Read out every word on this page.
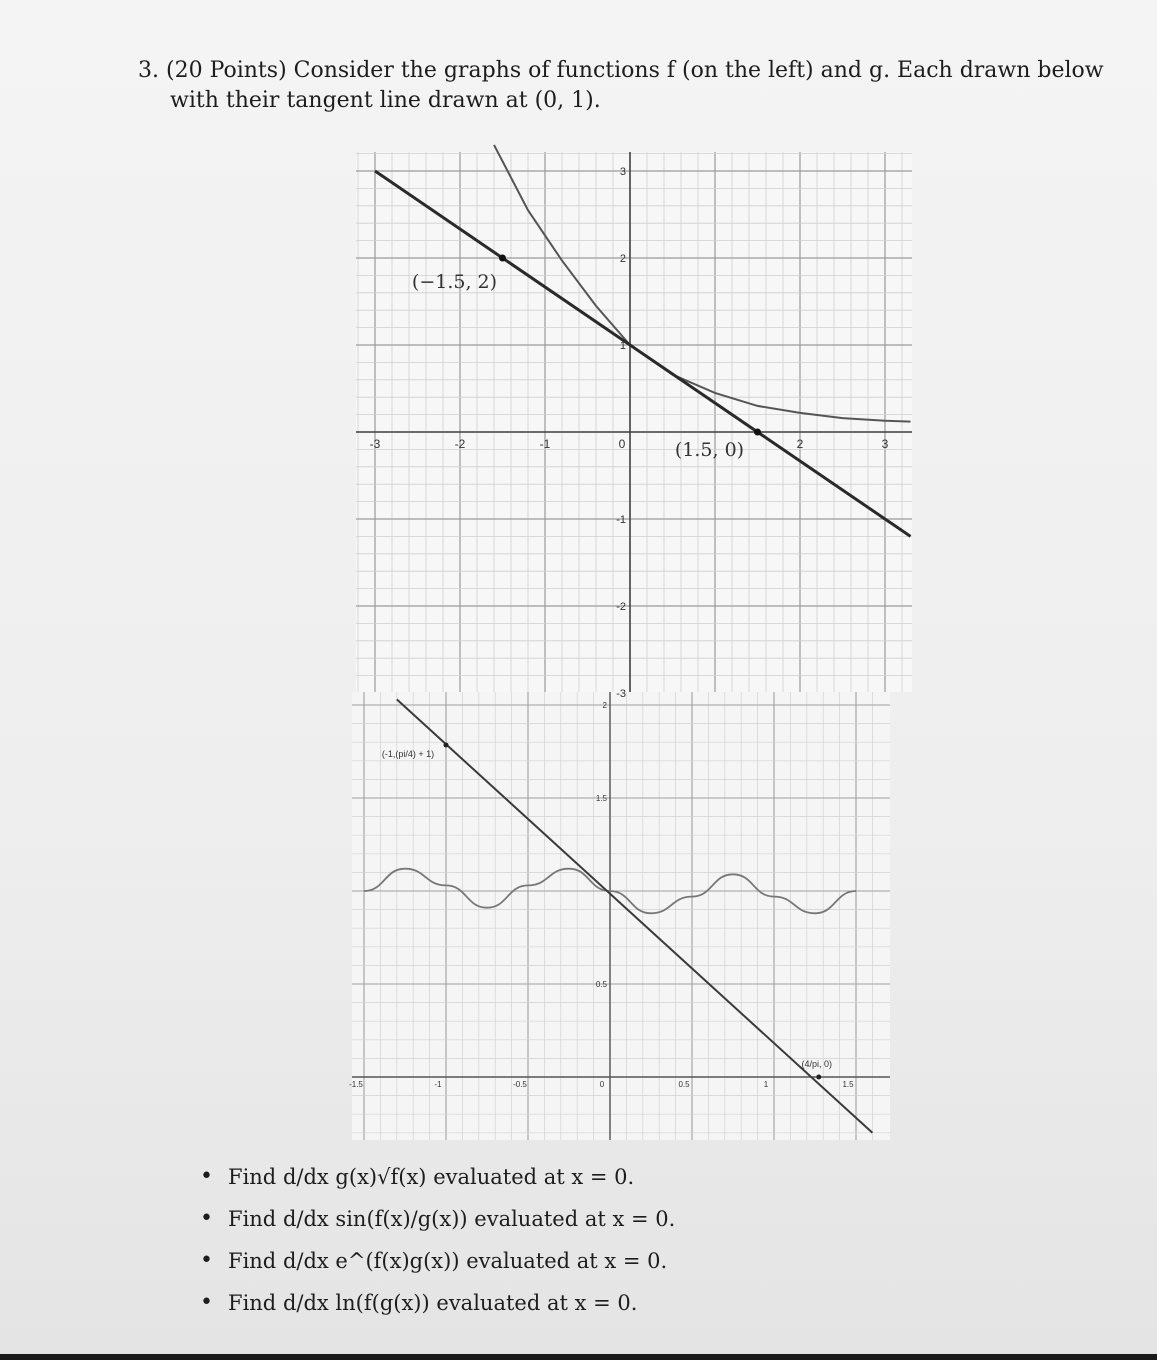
3. (20 Points) Consider the graphs of functions f (on the left) and g. Each drawn below
with their tangent line drawn at (0, 1).
-3	-2	-1	0	2	3
3
2
1
-1
-2
-3
(−1.5, 2)
(1.5, 0)
-1.5	-1	-0.5	0	0.5	1	1.5
2
1.5
0.5
(-1,(pi/4) + 1)
(4/pi, 0)
• Find d/dx g(x)√f(x) evaluated at x = 0.
• Find d/dx sin(f(x)/g(x)) evaluated at x = 0.
• Find d/dx e^(f(x)g(x)) evaluated at x = 0.
• Find d/dx ln(f(g(x)) evaluated at x = 0.
